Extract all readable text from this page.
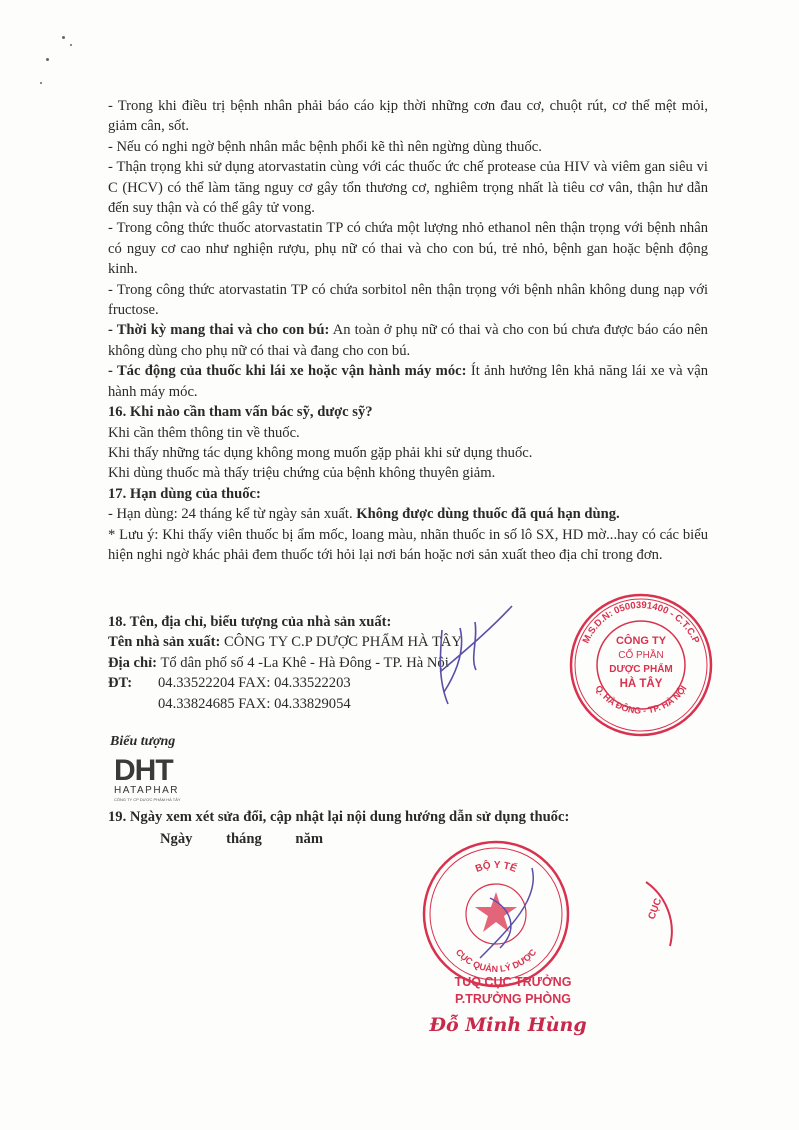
- Trong khi điều trị bệnh nhân phải báo cáo kịp thời những cơn đau cơ, chuột rút, cơ thể mệt mỏi, giảm cân, sốt.

- Nếu có nghi ngờ bệnh nhân mắc bệnh phổi kẽ thì nên ngừng dùng thuốc.

- Thận trọng khi sử dụng atorvastatin cùng với các thuốc ức chế protease của HIV và viêm gan siêu vi C (HCV) có thể làm tăng nguy cơ gây tổn thương cơ, nghiêm trọng nhất là tiêu cơ vân, thận hư dẫn đến suy thận và có thể gây tử vong.

- Trong công thức thuốc atorvastatin TP có chứa một lượng nhỏ ethanol nên thận trọng với bệnh nhân có nguy cơ cao như nghiện rượu, phụ nữ có thai và cho con bú, trẻ nhỏ, bệnh gan hoặc bệnh động kinh.

- Trong công thức atorvastatin TP có chứa sorbitol nên thận trọng với bệnh nhân không dung nạp với fructose.

- Thời kỳ mang thai và cho con bú: An toàn ở phụ nữ có thai và cho con bú chưa được báo cáo nên không dùng cho phụ nữ có thai và đang cho con bú.

- Tác động của thuốc khi lái xe hoặc vận hành máy móc: Ít ảnh hưởng lên khả năng lái xe và vận hành máy móc.

16. Khi nào cần tham vấn bác sỹ, dược sỹ?

Khi cần thêm thông tin về thuốc.

Khi thấy những tác dụng không mong muốn gặp phải khi sử dụng thuốc.

Khi dùng thuốc mà thấy triệu chứng của bệnh không thuyên giảm.

17. Hạn dùng của thuốc:

- Hạn dùng: 24 tháng kể từ ngày sản xuất. Không được dùng thuốc đã quá hạn dùng.

* Lưu ý: Khi thấy viên thuốc bị ẩm mốc, loang màu, nhãn thuốc in số lô SX, HD mờ...hay có các biểu hiện nghi ngờ khác phải đem thuốc tới hỏi lại nơi bán hoặc nơi sản xuất theo địa chỉ trong đơn.

18. Tên, địa chỉ, biểu tượng của nhà sản xuất:

Tên nhà sản xuất: CÔNG TY C.P DƯỢC PHẨM HÀ TÂY

Địa chỉ: Tổ dân phố số 4 -La Khê - Hà Đông - TP. Hà Nội

ĐT: 04.33522204 FAX: 04.33522203

04.33824685 FAX: 04.33829054

Biểu tượng
DHT
HATAPHAR
CÔNG TY CP DƯỢC PHẨM HÀ TÂY

19. Ngày xem xét sửa đổi, cập nhật lại nội dung hướng dẫn sử dụng thuốc:

Ngày tháng năm

M.S.D.N: 0500391400 - C.T.C.P
Q. HÀ ĐÔNG - TP. HÀ NỘI
CÔNG TY
CỔ PHẦN
DƯỢC PHẨM
HÀ TÂY
BỘ Y TẾ
CỤC QUẢN LÝ DƯỢC
CỤC

TUQ.CỤC TRƯỞNG

P.TRƯỞNG PHÒNG

Đỗ Minh Hùng
